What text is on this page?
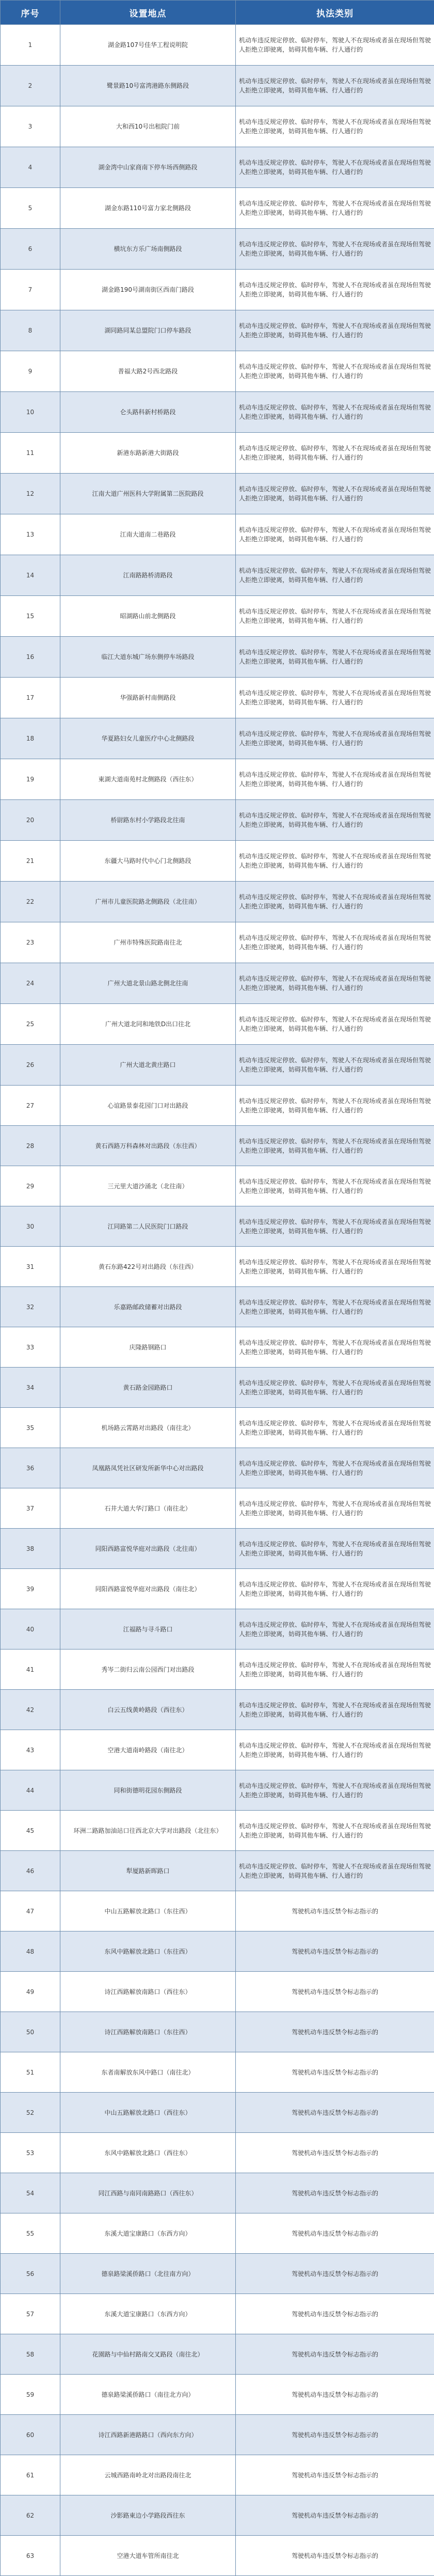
序号	设置地点	执法类别
1	湖金路107号佳华工程说明院	机动车违反规定停放、临时停车，驾驶人不在现场或者虽在现场但驾驶人拒绝立即驶离，妨碍其他车辆、行人通行的
2	鹭景路10号富湾港路东侧路段	机动车违反规定停放、临时停车，驾驶人不在现场或者虽在现场但驾驶人拒绝立即驶离，妨碍其他车辆、行人通行的
3	大和西10号出租院门前	机动车违反规定停放、临时停车，驾驶人不在现场或者虽在现场但驾驶人拒绝立即驶离，妨碍其他车辆、行人通行的
4	湖金湾中山家商南下停车场西侧路段	机动车违反规定停放、临时停车，驾驶人不在现场或者虽在现场但驾驶人拒绝立即驶离，妨碍其他车辆、行人通行的
5	湖金东路110号富力家北侧路段	机动车违反规定停放、临时停车，驾驶人不在现场或者虽在现场但驾驶人拒绝立即驶离，妨碍其他车辆、行人通行的
6	横坑东方乐广场南侧路段	机动车违反规定停放、临时停车，驾驶人不在现场或者虽在现场但驾驶人拒绝立即驶离，妨碍其他车辆、行人通行的
7	湖金路190号湖南街区西南门路段	机动车违反规定停放、临时停车，驾驶人不在现场或者虽在现场但驾驶人拒绝立即驶离，妨碍其他车辆、行人通行的
8	湖同路同某总盟院门口停车路段	机动车违反规定停放、临时停车，驾驶人不在现场或者虽在现场但驾驶人拒绝立即驶离，妨碍其他车辆、行人通行的
9	普福大路2号西北路段	机动车违反规定停放、临时停车，驾驶人不在现场或者虽在现场但驾驶人拒绝立即驶离，妨碍其他车辆、行人通行的
10	仑头路科新村桥路段	机动车违反规定停放、临时停车，驾驶人不在现场或者虽在现场但驾驶人拒绝立即驶离，妨碍其他车辆、行人通行的
11	新港东路新港大街路段	机动车违反规定停放、临时停车，驾驶人不在现场或者虽在现场但驾驶人拒绝立即驶离，妨碍其他车辆、行人通行的
12	江南大道广州医科大学附属第二医院路段	机动车违反规定停放、临时停车，驾驶人不在现场或者虽在现场但驾驶人拒绝立即驶离，妨碍其他车辆、行人通行的
13	江南大道南二巷路段	机动车违反规定停放、临时停车，驾驶人不在现场或者虽在现场但驾驶人拒绝立即驶离，妨碍其他车辆、行人通行的
14	江南路路桥清路段	机动车违反规定停放、临时停车，驾驶人不在现场或者虽在现场但驾驶人拒绝立即驶离，妨碍其他车辆、行人通行的
15	昭湖路山前北侧路段	机动车违反规定停放、临时停车，驾驶人不在现场或者虽在现场但驾驶人拒绝立即驶离，妨碍其他车辆、行人通行的
16	临江大道东城广场东侧停车场路段	机动车违反规定停放、临时停车，驾驶人不在现场或者虽在现场但驾驶人拒绝立即驶离，妨碍其他车辆、行人通行的
17	华强路新村南侧路段	机动车违反规定停放、临时停车，驾驶人不在现场或者虽在现场但驾驶人拒绝立即驶离，妨碍其他车辆、行人通行的
18	华夏路妇女儿童医疗中心北侧路段	机动车违反规定停放、临时停车，驾驶人不在现场或者虽在现场但驾驶人拒绝立即驶离，妨碍其他车辆、行人通行的
19	東湖大道南苑村北侧路段（西往东）	机动车违反规定停放、临时停车，驾驶人不在现场或者虽在现场但驾驶人拒绝立即驶离，妨碍其他车辆、行人通行的
20	桥尉路东村小学路段北往南	机动车违反规定停放、临时停车，驾驶人不在现场或者虽在现场但驾驶人拒绝立即驶离，妨碍其他车辆、行人通行的
21	东疆大马路时代中心门北侧路段	机动车违反规定停放、临时停车，驾驶人不在现场或者虽在现场但驾驶人拒绝立即驶离，妨碍其他车辆、行人通行的
22	广州市儿童医院路北侧路段（北往南）	机动车违反规定停放、临时停车，驾驶人不在现场或者虽在现场但驾驶人拒绝立即驶离，妨碍其他车辆、行人通行的
23	广州市特殊医院路南往北	机动车违反规定停放、临时停车，驾驶人不在现场或者虽在现场但驾驶人拒绝立即驶离，妨碍其他车辆、行人通行的
24	广州大道北景山路北侧北往南	机动车违反规定停放、临时停车，驾驶人不在现场或者虽在现场但驾驶人拒绝立即驶离，妨碍其他车辆、行人通行的
25	广州大道北同和地铁D出口往北	机动车违反规定停放、临时停车，驾驶人不在现场或者虽在现场但驾驶人拒绝立即驶离，妨碍其他车辆、行人通行的
26	广州大道北黄庄路口	机动车违反规定停放、临时停车，驾驶人不在现场或者虽在现场但驾驶人拒绝立即驶离，妨碍其他车辆、行人通行的
27	心谊路景泰花园门口对出路段	机动车违反规定停放、临时停车，驾驶人不在现场或者虽在现场但驾驶人拒绝立即驶离，妨碍其他车辆、行人通行的
28	黄石西路万科森林对出路段（东往西）	机动车违反规定停放、临时停车，驾驶人不在现场或者虽在现场但驾驶人拒绝立即驶离，妨碍其他车辆、行人通行的
29	三元里大道沙涌北（北往南）	机动车违反规定停放、临时停车，驾驶人不在现场或者虽在现场但驾驶人拒绝立即驶离，妨碍其他车辆、行人通行的
30	江同路第二人民医院门口路段	机动车违反规定停放、临时停车，驾驶人不在现场或者虽在现场但驾驶人拒绝立即驶离，妨碍其他车辆、行人通行的
31	黄石东路422号对出路段（东往西）	机动车违反规定停放、临时停车，驾驶人不在现场或者虽在现场但驾驶人拒绝立即驶离，妨碍其他车辆、行人通行的
32	乐嘉路邮政储蓄对出路段	机动车违反规定停放、临时停车，驾驶人不在现场或者虽在现场但驾驶人拒绝立即驶离，妨碍其他车辆、行人通行的
33	庆隆路钢路口	机动车违反规定停放、临时停车，驾驶人不在现场或者虽在现场但驾驶人拒绝立即驶离，妨碍其他车辆、行人通行的
34	黄石路金园路路口	机动车违反规定停放、临时停车，驾驶人不在现场或者虽在现场但驾驶人拒绝立即驶离，妨碍其他车辆、行人通行的
35	机场路云霄路对出路段（南往北）	机动车违反规定停放、临时停车，驾驶人不在现场或者虽在现场但驾驶人拒绝立即驶离，妨碍其他车辆、行人通行的
36	凤凰路凤凭社区研发所新华中心对出路段	机动车违反规定停放、临时停车，驾驶人不在现场或者虽在现场但驾驶人拒绝立即驶离，妨碍其他车辆、行人通行的
37	石井大道大华汀路口（南往北）	机动车违反规定停放、临时停车，驾驶人不在现场或者虽在现场但驾驶人拒绝立即驶离，妨碍其他车辆、行人通行的
38	同阳西路富悦华庭对出路段（北往南）	机动车违反规定停放、临时停车，驾驶人不在现场或者虽在现场但驾驶人拒绝立即驶离，妨碍其他车辆、行人通行的
39	同阳西路富悦华庭对出路段（南往北）	机动车违反规定停放、临时停车，驾驶人不在现场或者虽在现场但驾驶人拒绝立即驶离，妨碍其他车辆、行人通行的
40	江福路与寻斗路口	机动车违反规定停放、临时停车，驾驶人不在现场或者虽在现场但驾驶人拒绝立即驶离，妨碍其他车辆、行人通行的
41	秀岑二街归云南公园西门对出路段	机动车违反规定停放、临时停车，驾驶人不在现场或者虽在现场但驾驶人拒绝立即驶离，妨碍其他车辆、行人通行的
42	白云五线黄岭路段（西往东）	机动车违反规定停放、临时停车，驾驶人不在现场或者虽在现场但驾驶人拒绝立即驶离，妨碍其他车辆、行人通行的
43	空港大道南岭路段（南往北）	机动车违反规定停放、临时停车，驾驶人不在现场或者虽在现场但驾驶人拒绝立即驶离，妨碍其他车辆、行人通行的
44	同和街德明花园东侧路段	机动车违反规定停放、临时停车，驾驶人不在现场或者虽在现场但驾驶人拒绝立即驶离，妨碍其他车辆、行人通行的
45	环洲二路路加油站口往西北京大学对出路段（北往东）	机动车违反规定停放、临时停车，驾驶人不在现场或者虽在现场但驾驶人拒绝立即驶离，妨碍其他车辆、行人通行的
46	犁厦路新晖路口	机动车违反规定停放、临时停车，驾驶人不在现场或者虽在现场但驾驶人拒绝立即驶离，妨碍其他车辆、行人通行的
47	中山五路解放北路口（东往西）	驾驶机动车违反禁令标志指示的
48	东风中路解放北路口（东往西）	驾驶机动车违反禁令标志指示的
49	诗江西路解放南路口（西往东）	驾驶机动车违反禁令标志指示的
50	诗江西路解放南路口（东往西）	驾驶机动车违反禁令标志指示的
51	东者南解放东风中路口（南往北）	驾驶机动车违反禁令标志指示的
52	中山五路解放北路口（西往东）	驾驶机动车违反禁令标志指示的
53	东风中路解放北路口（西往东）	驾驶机动车违反禁令标志指示的
54	同江西路与南同南路路口（西往东）	驾驶机动车违反禁令标志指示的
55	东溪大道宝康路口（东西方向）	驾驶机动车违反禁令标志指示的
56	德泉路梁溪侨路口（北往南方向）	驾驶机动车违反禁令标志指示的
57	东溪大道宝康路口（东西方向）	驾驶机动车违反禁令标志指示的
58	花園路与中仙村路南交叉路段（南往北）	驾驶机动车违反禁令标志指示的
59	德泉路梁溪侨路口（南往北方向）	驾驶机动车违反禁令标志指示的
60	诗江西路新港路路口（西向东方向）	驾驶机动车违反禁令标志指示的
61	云城西路南岭北对出路段南往北	驾驶机动车违反禁令标志指示的
62	沙影路東边小学路段西往东	驾驶机动车违反禁令标志指示的
63	空港大道车管所南往北	驾驶机动车违反禁令标志指示的
